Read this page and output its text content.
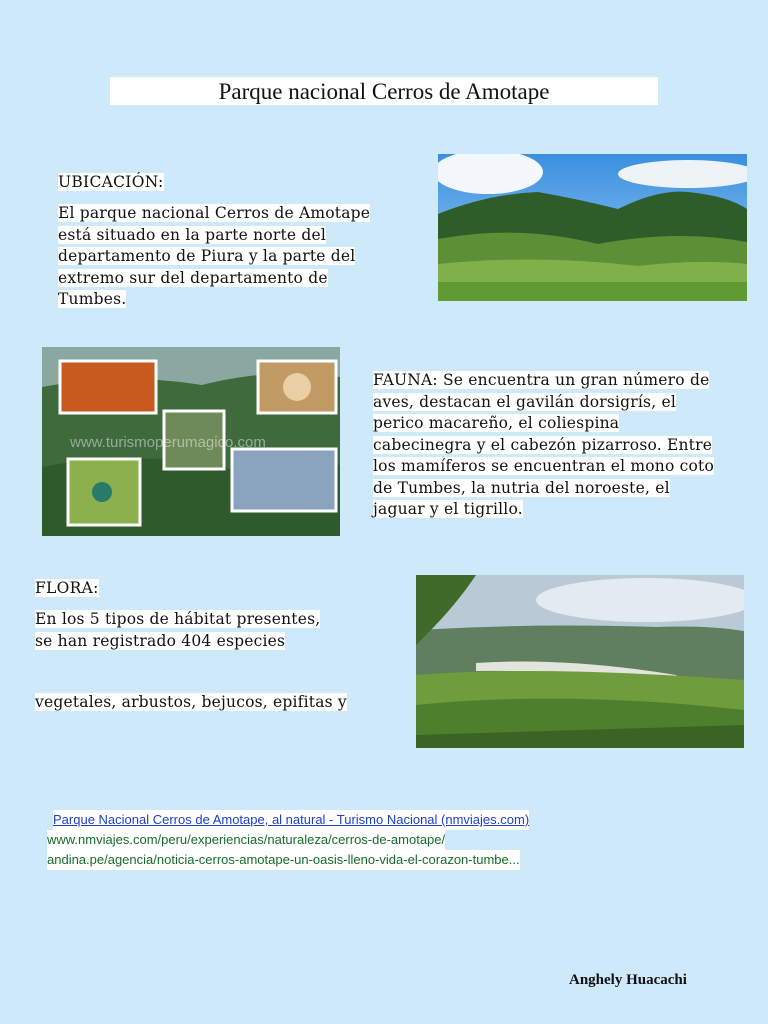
Parque nacional Cerros de Amotape
UBICACIÓN:
El parque nacional Cerros de Amotape
está situado en la parte norte del
departamento de Piura y la parte del
extremo sur del departamento de
Tumbes.
www.turismoperumagico.com
FAUNA: Se encuentra un gran número de
aves, destacan el gavilán dorsigrís, el
perico macareño, el coliespina
cabecinegra y el cabezón pizarroso. Entre
los mamíferos se encuentran el mono coto
de Tumbes, la nutria del noroeste, el
jaguar y el tigrillo.
FLORA:
En los 5 tipos de hábitat presentes,
se han registrado 404 especies
vegetales, arbustos, bejucos, epifitas y
Parque Nacional Cerros de Amotape, al natural - Turismo Nacional (nmviajes.com)
www.nmviajes.com/peru/experiencias/naturaleza/cerros-de-amotape/
andina.pe/agencia/noticia-cerros-amotape-un-oasis-lleno-vida-el-corazon-tumbe...
Anghely Huacachi
